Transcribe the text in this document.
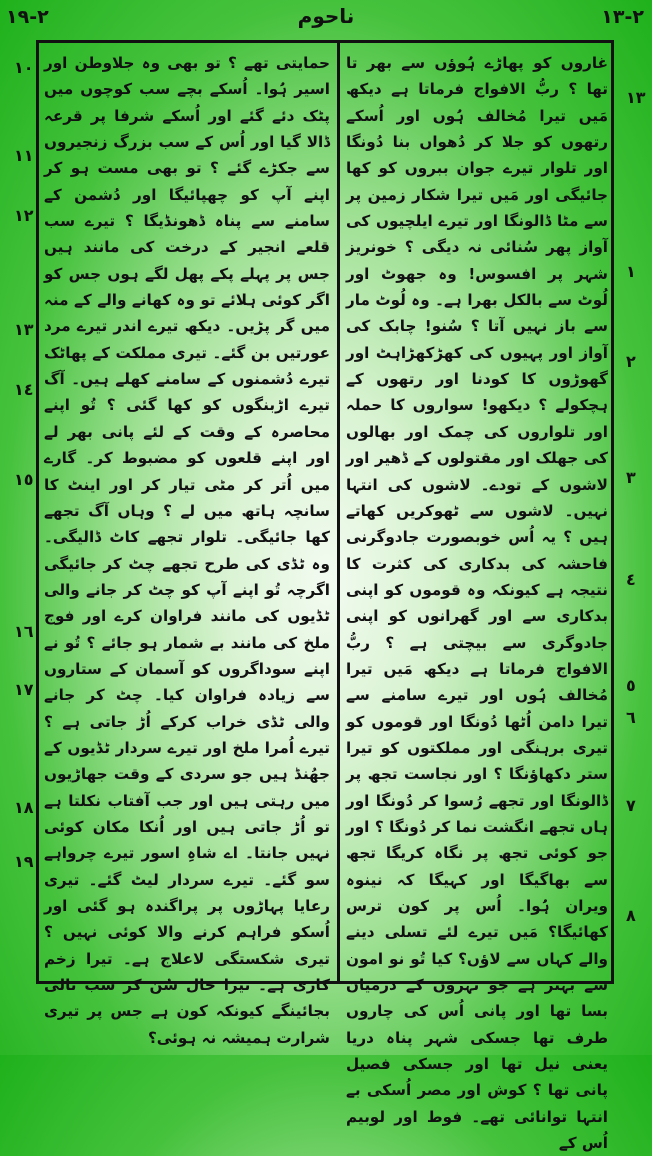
٢-١٩	ناحوم	٢-١٣

غاروں کو پھاڑے ہُوؤں سے بھر تا تھا ؟ ربُّ الافواج فرماتا ہے دیکھ مَیں تیرا مُخالف ہُوں اور اُسکے رتھوں کو جلا کر دُھواں بنا دُونگا اور تلوار تیرے جوان ببروں کو کھا جائیگی اور مَیں تیرا شکار زمین پر سے مٹا ڈالونگا اور تیرے ایلچیوں کی آواز پھر سُنائی نہ دیگی ؟ خونریز شہر پر افسوس! وہ جھوٹ اور لُوٹ سے بالکل بھرا ہے۔ وہ لُوٹ مار سے باز نہیں آتا ؟ سُنو! چابک کی آواز اور پہیوں کی کھڑکھڑاہٹ اور گھوڑوں کا کودنا اور رتھوں کے ہچکولے ؟ دیکھو! سواروں کا حملہ اور تلواروں کی چمک اور بھالوں کی جھلک اور مقتولوں کے ڈھیر اور لاشوں کے تودے۔ لاشوں کی انتہا نہیں۔ لاشوں سے ٹھوکریں کھاتے ہیں ؟ یہ اُس خوبصورت جادوگرنی فاحشہ کی بدکاری کی کثرت کا نتیجہ ہے کیونکہ وہ قوموں کو اپنی بدکاری سے اور گھرانوں کو اپنی جادوگری سے بیچتی ہے ؟ ربُّ الافواج فرماتا ہے دیکھ مَیں تیرا مُخالف ہُوں اور تیرے سامنے سے تیرا دامن اُٹھا دُونگا اور قوموں کو تیری برہنگی اور مملکتوں کو تیرا ستر دکھاؤنگا ؟ اور نجاست تجھ پر ڈالونگا اور تجھے رُسوا کر دُونگا اور ہاں تجھے انگشت نما کر دُونگا ؟ اور جو کوئی تجھ پر نگاہ کریگا تجھ سے بھاگیگا اور کہیگا کہ نینوہ ویران ہُوا۔ اُس پر کون ترس کھائیگا؟ مَیں تیرے لئے تسلی دینے والے کہاں سے لاؤں؟ کیا تُو نو امون سے بہتر ہے جو نہروں کے درمیان بسا تھا اور پانی اُس کی چاروں طرف تھا جسکی شہر پناہ دریا یعنی نیل تھا اور جسکی فصیل پانی تھا ؟ کوش اور مصر اُسکی بے انتہا توانائی تھے۔ فوط اور لوبیم اُس کے

حمایتی تھے ؟ تو بھی وہ جلاوطن اور اسیر ہُوا۔ اُسکے بچے سب کوچوں میں پٹک دئے گئے اور اُسکے شرفا پر قرعہ ڈالا گیا اور اُس کے سب بزرگ زنجیروں سے جکڑے گئے ؟ تو بھی مست ہو کر اپنے آپ کو چھپائیگا اور دُشمن کے سامنے سے پناہ ڈھونڈیگا ؟ تیرے سب قلعے انجیر کے درخت کی مانند ہیں جس پر پہلے پکے پھل لگے ہوں جس کو اگر کوئی ہلائے تو وہ کھانے والے کے منہ میں گر پڑیں۔ دیکھ تیرے اندر تیرے مرد عورتیں بن گئے۔ تیری مملکت کے پھاٹک تیرے دُشمنوں کے سامنے کھلے ہیں۔ آگ تیرے اڑبنگوں کو کھا گئی ؟ تُو اپنے محاصرہ کے وقت کے لئے پانی بھر لے اور اپنے قلعوں کو مضبوط کر۔ گارے میں اُتر کر مٹی تیار کر اور اینٹ کا سانچہ ہاتھ میں لے ؟ وہاں آگ تجھے کھا جائیگی۔ تلوار تجھے کاٹ ڈالیگی۔ وہ ٹڈی کی طرح تجھے چٹ کر جائیگی اگرچہ تُو اپنے آپ کو چٹ کر جانے والی ٹڈیوں کی مانند فراوان کرے اور فوج ملخ کی مانند بے شمار ہو جائے ؟ تُو نے اپنے سوداگروں کو آسمان کے ستاروں سے زیادہ فراوان کیا۔ چٹ کر جانے والی ٹڈی خراب کرکے اُڑ جاتی ہے ؟ تیرے اُمرا ملخ اور تیرے سردار ٹڈیوں کے جھُنڈ ہیں جو سردی کے وقت جھاڑیوں میں رہتی ہیں اور جب آفتاب نکلتا ہے تو اُڑ جاتی ہیں اور اُنکا مکان کوئی نہیں جانتا۔ اے شاہِ اسور تیرے چرواہے سو گئے۔ تیرے سردار لیٹ گئے۔ تیری رعایا پہاڑوں پر پراگندہ ہو گئی اور اُسکو فراہم کرنے والا کوئی نہیں ؟ تیری شکستگی لاعلاج ہے۔ تیرا زخم کاری ہے۔ تیرا حال سُن کر سب تالی بجائینگے کیونکہ کون ہے جس پر تیری شرارت ہمیشہ نہ ہوئی؟

١٠
١١
١٢
١٣
١٤
١٥
١٦
١٧
١٨
١٩
١٣
١
٢
٣
٤
٥
٦
٧
٨
